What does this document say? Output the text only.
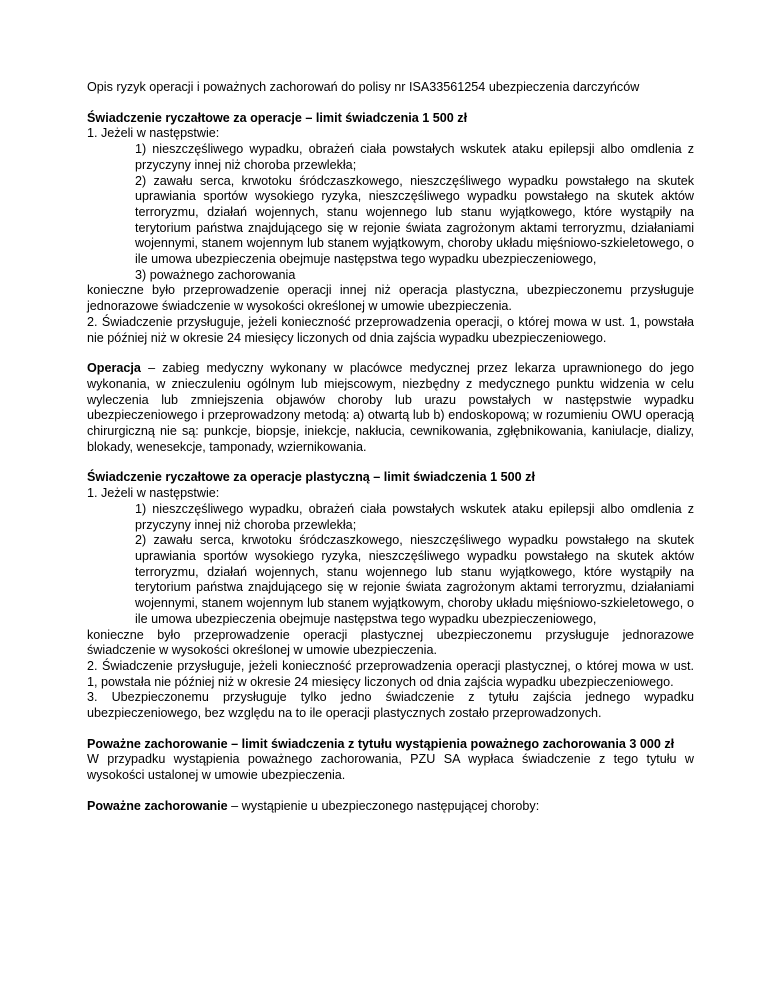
Opis ryzyk operacji i poważnych zachorowań do polisy nr ISA33561254 ubezpieczenia darczyńców

Świadczenie ryczałtowe za operacje – limit świadczenia 1 500 zł

1. Jeżeli w następstwie:

1) nieszczęśliwego wypadku, obrażeń ciała powstałych wskutek ataku epilepsji albo omdlenia z przyczyny innej niż choroba przewlekła;

2) zawału serca, krwotoku śródczaszkowego, nieszczęśliwego wypadku powstałego na skutek uprawiania sportów wysokiego ryzyka, nieszczęśliwego wypadku powstałego na skutek aktów terroryzmu, działań wojennych, stanu wojennego lub stanu wyjątkowego, które wystąpiły na terytorium państwa znajdującego się w rejonie świata zagrożonym aktami terroryzmu, działaniami wojennymi, stanem wojennym lub stanem wyjątkowym, choroby układu mięśniowo-szkieletowego, o ile umowa ubezpieczenia obejmuje następstwa tego wypadku ubezpieczeniowego,

3) poważnego zachorowania

konieczne było przeprowadzenie operacji innej niż operacja plastyczna, ubezpieczonemu przysługuje jednorazowe świadczenie w wysokości określonej w umowie ubezpieczenia.

2. Świadczenie przysługuje, jeżeli konieczność przeprowadzenia operacji, o której mowa w ust. 1, powstała nie później niż w okresie 24 miesięcy liczonych od dnia zajścia wypadku ubezpieczeniowego.

Operacja – zabieg medyczny wykonany w placówce medycznej przez lekarza uprawnionego do jego wykonania, w znieczuleniu ogólnym lub miejscowym, niezbędny z medycznego punktu widzenia w celu wyleczenia lub zmniejszenia objawów choroby lub urazu powstałych w następstwie wypadku ubezpieczeniowego i przeprowadzony metodą: a) otwartą lub b) endoskopową; w rozumieniu OWU operacją chirurgiczną nie są: punkcje, biopsje, iniekcje, nakłucia, cewnikowania, zgłębnikowania, kaniulacje, dializy, blokady, wenesekcje, tamponady, wziernikowania.

Świadczenie ryczałtowe za operacje plastyczną – limit świadczenia 1 500 zł

1. Jeżeli w następstwie:

1) nieszczęśliwego wypadku, obrażeń ciała powstałych wskutek ataku epilepsji albo omdlenia z przyczyny innej niż choroba przewlekła;

2) zawału serca, krwotoku śródczaszkowego, nieszczęśliwego wypadku powstałego na skutek uprawiania sportów wysokiego ryzyka, nieszczęśliwego wypadku powstałego na skutek aktów terroryzmu, działań wojennych, stanu wojennego lub stanu wyjątkowego, które wystąpiły na terytorium państwa znajdującego się w rejonie świata zagrożonym aktami terroryzmu, działaniami wojennymi, stanem wojennym lub stanem wyjątkowym, choroby układu mięśniowo-szkieletowego, o ile umowa ubezpieczenia obejmuje następstwa tego wypadku ubezpieczeniowego,

konieczne było przeprowadzenie operacji plastycznej ubezpieczonemu przysługuje jednorazowe świadczenie w wysokości określonej w umowie ubezpieczenia.

2. Świadczenie przysługuje, jeżeli konieczność przeprowadzenia operacji plastycznej, o której mowa w ust. 1, powstała nie później niż w okresie 24 miesięcy liczonych od dnia zajścia wypadku ubezpieczeniowego.

3. Ubezpieczonemu przysługuje tylko jedno świadczenie z tytułu zajścia jednego wypadku ubezpieczeniowego, bez względu na to ile operacji plastycznych zostało przeprowadzonych.

Poważne zachorowanie – limit świadczenia z tytułu wystąpienia poważnego zachorowania 3 000 zł

W przypadku wystąpienia poważnego zachorowania, PZU SA wypłaca świadczenie z tego tytułu w wysokości ustalonej w umowie ubezpieczenia.

Poważne zachorowanie – wystąpienie u ubezpieczonego następującej choroby:
